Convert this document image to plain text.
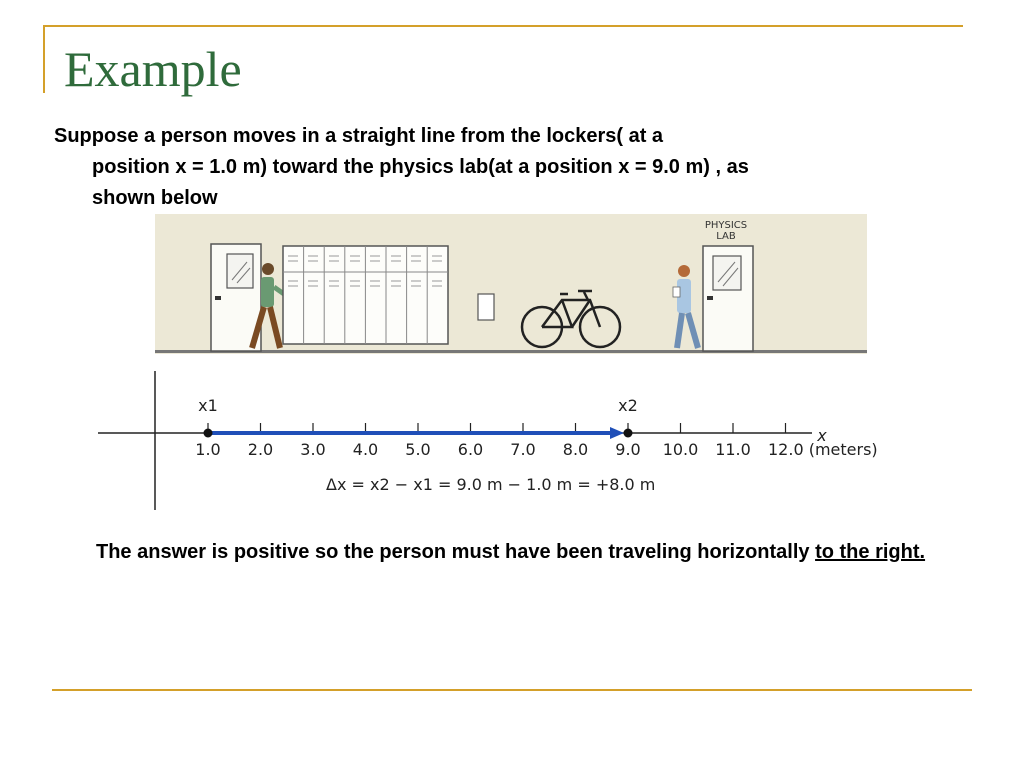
Example
Suppose a person moves in a straight line from the lockers( at a
position x = 1.0 m) toward the physics lab(at a position x = 9.0 m) , as
shown below
PHYSICS
LAB
x1	x2
x
1.0 2.0 3.0 4.0 5.0 6.0 7.0 8.0 9.0 10.0 11.0 12.0 (meters)
Δx = x2 − x1 = 9.0 m − 1.0 m = +8.0 m
The answer is positive so the person must have been traveling horizontally to the right.
